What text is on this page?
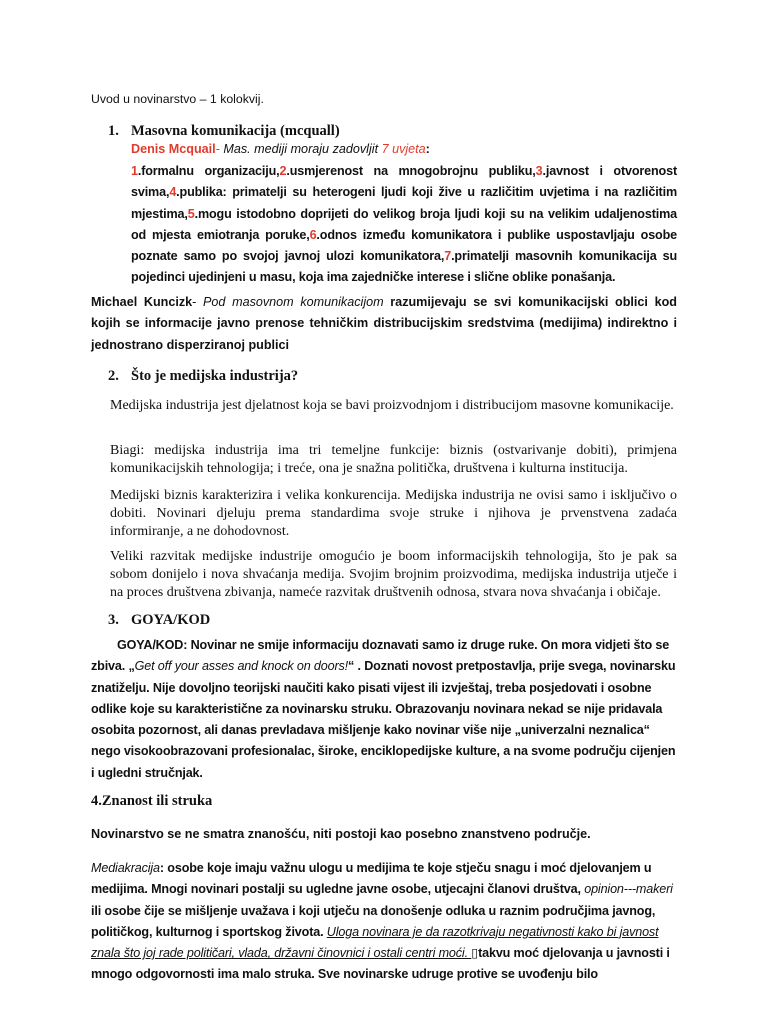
Uvod u novinarstvo – 1 kolokvij.
1. Masovna komunikacija (mcquall)
Denis Mcquail- Mas. mediji moraju zadovljit 7 uvjeta:
1.formalnu organizaciju,2.usmjerenost na mnogobrojnu publiku,3.javnost i otvorenost svima,4.publika: primatelji su heterogeni ljudi koji žive u različitim uvjetima i na različitim mjestima,5.mogu istodobno doprijeti do velikog broja ljudi koji su na velikim udaljenostima od mjesta emiotranja poruke,6.odnos između komunikatora i publike uspostavljaju osobe poznate samo po svojoj javnoj ulozi komunikatora,7.primatelji masovnih komunikacija su pojedinci ujedinjeni u masu, koja ima zajedničke interese i slične oblike ponašanja.
Michael Kuncizk- Pod masovnom komunikacijom razumijevaju se svi komunikacijski oblici kod kojih se informacije javno prenose tehničkim distribucijskim sredstvima (medijima) indirektno i jednostrano disperziranoj publici
2. Što je medijska industrija?
Medijska industrija jest djelatnost koja se bavi proizvodnjom i distribucijom masovne komunikacije.
Biagi: medijska industrija ima tri temeljne funkcije: biznis (ostvarivanje dobiti), primjena komunikacijskih tehnologija; i treće, ona je snažna politička, društvena i kulturna institucija.
Medijski biznis karakterizira i velika konkurencija. Medijska industrija ne ovisi samo i isključivo o dobiti. Novinari djeluju prema standardima svoje struke i njihova je prvenstvena zadaća informiranje, a ne dohodovnost.
Veliki razvitak medijske industrije omogućio je boom informacijskih tehnologija, što je pak sa sobom donijelo i nova shvaćanja medija. Svojim brojnim proizvodima, medijska industrija utječe i na proces društvena zbivanja, nameće razvitak društvenih odnosa, stvara nova shvaćanja i običaje.
3. GOYA/KOD
GOYA/KOD: Novinar ne smije informaciju doznavati samo iz druge ruke. On mora vidjeti što se zbiva. „Get off your asses and knock on doors!“ . Doznati novost pretpostavlja, prije svega, novinarsku znatiželju. Nije dovoljno teorijski naučiti kako pisati vijest ili izvještaj, treba posjedovati i osobne odlike koje su karakteristične za novinarsku struku. Obrazovanju novinara nekad se nije pridavala osobita pozornost, ali danas prevladava mišljenje kako novinar više nije „univerzalni neznalica“ nego visokoobrazovani profesionalac, široke, enciklopedijske kulture, a na svome području cijenjen i ugledni stručnjak.
4.Znanost ili struka
Novinarstvo se ne smatra znanošću, niti postoji kao posebno znanstveno područje.
Mediakracija: osobe koje imaju važnu ulogu u medijima te koje stječu snagu i moć djelovanjem u medijima. Mnogi novinari postalji su ugledne javne osobe, utjecajni članovi društva, opinion---makeri ili osobe čije se mišljenje uvažava i koji utječu na donošenje odluka u raznim područjima javnog, političkog, kulturnog i sportskog života. Uloga novinara je da razotkrivaju negativnosti kako bi javnost znala što joj rade političari, vlada, državni činovnici i ostali centri moći. ▯takvu moć djelovanja u javnosti i mnogo odgovornosti ima malo struka. Sve novinarske udruge protive se uvođenju bilo
